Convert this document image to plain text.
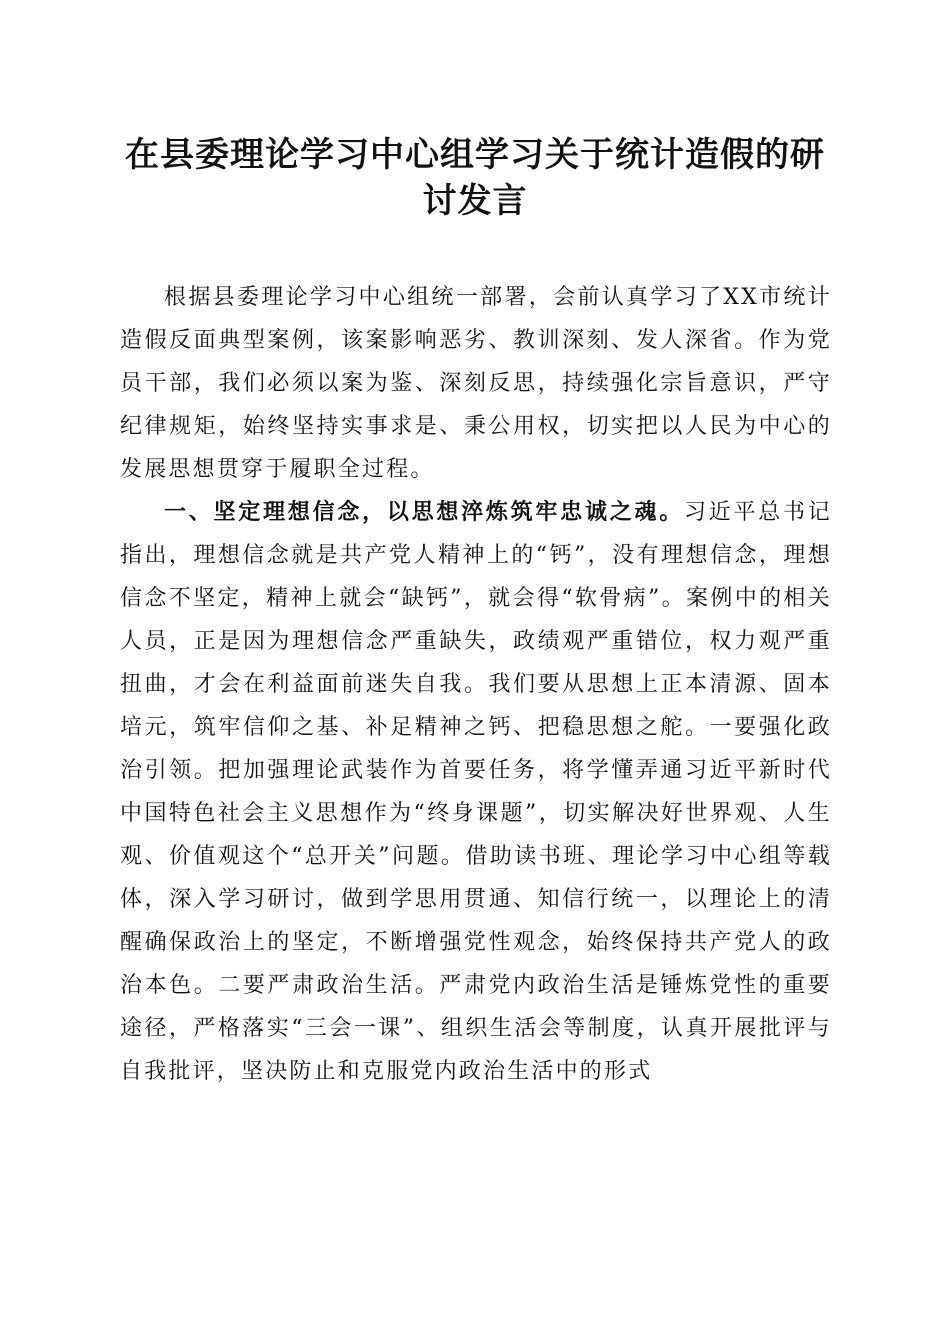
在县委理论学习中心组学习关于统计造假的研讨发言

根据县委理论学习中心组统一部署，会前认真学习了XX市统计造假反面典型案例，该案影响恶劣、教训深刻、发人深省。作为党员干部，我们必须以案为鉴、深刻反思，持续强化宗旨意识，严守纪律规矩，始终坚持实事求是、秉公用权，切实把以人民为中心的发展思想贯穿于履职全过程。

一、坚定理想信念，以思想淬炼筑牢忠诚之魂。习近平总书记指出，理想信念就是共产党人精神上的“钙”，没有理想信念，理想信念不坚定，精神上就会“缺钙”，就会得“软骨病”。案例中的相关人员，正是因为理想信念严重缺失，政绩观严重错位，权力观严重扭曲，才会在利益面前迷失自我。我们要从思想上正本清源、固本培元，筑牢信仰之基、补足精神之钙、把稳思想之舵。一要强化政治引领。把加强理论武装作为首要任务，将学懂弄通习近平新时代中国特色社会主义思想作为“终身课题”，切实解决好世界观、人生观、价值观这个“总开关”问题。借助读书班、理论学习中心组等载体，深入学习研讨，做到学思用贯通、知信行统一，以理论上的清醒确保政治上的坚定，不断增强党性观念，始终保持共产党人的政治本色。二要严肃政治生活。严肃党内政治生活是锤炼党性的重要途径，严格落实“三会一课”、组织生活会等制度，认真开展批评与自我批评，坚决防止和克服党内政治生活中的形式
